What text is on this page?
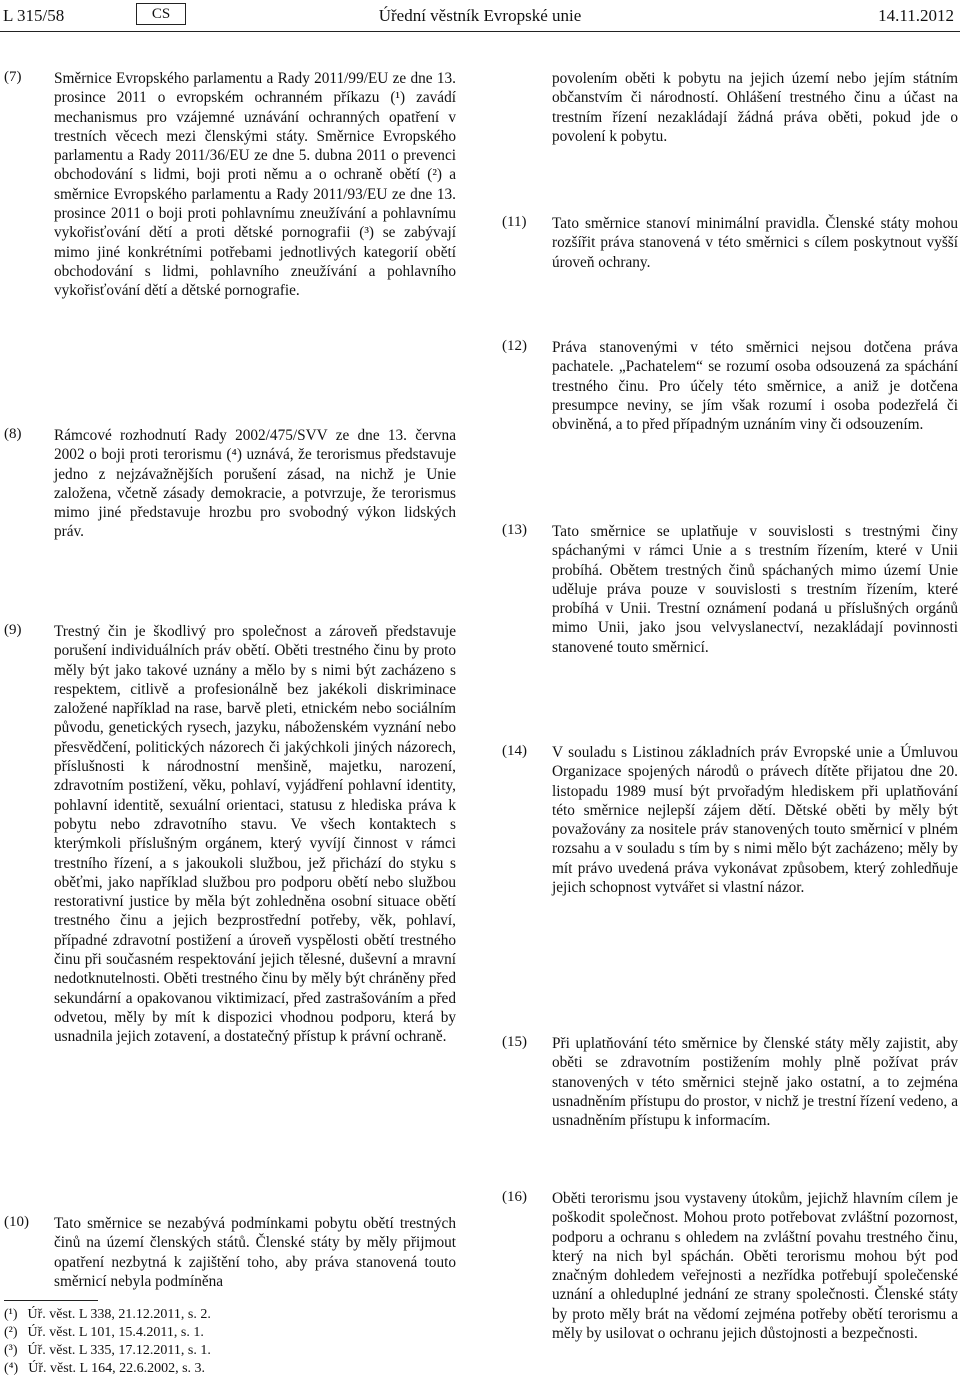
L 315/58	CS	Úřední věstník Evropské unie	14.11.2012
(7) Směrnice Evropského parlamentu a Rady 2011/99/EU ze dne 13. prosince 2011 o evropském ochranném příkazu (¹) zavádí mechanismus pro vzájemné uznávání ochranných opatření v trestních věcech mezi členskými státy. Směrnice Evropského parlamentu a Rady 2011/36/EU ze dne 5. dubna 2011 o prevenci obchodování s lidmi, boji proti němu a o ochraně obětí (²) a směrnice Evropského parlamentu a Rady 2011/93/EU ze dne 13. prosince 2011 o boji proti pohlavnímu zneužívání a pohlavnímu vykořisťování dětí a proti dětské pornografii (³) se zabývají mimo jiné konkrétními potřebami jednotlivých kategorií obětí obchodování s lidmi, pohlavního zneužívání a pohlavního vykořisťování dětí a dětské pornografie.
(8) Rámcové rozhodnutí Rady 2002/475/SVV ze dne 13. června 2002 o boji proti terorismu (⁴) uznává, že terorismus představuje jedno z nejzávažnějších porušení zásad, na nichž je Unie založena, včetně zásady demokracie, a potvrzuje, že terorismus mimo jiné představuje hrozbu pro svobodný výkon lidských práv.
(9) Trestný čin je škodlivý pro společnost a zároveň představuje porušení individuálních práv obětí. Oběti trestného činu by proto měly být jako takové uznány a mělo by s nimi být zacházeno s respektem, citlivě a profesionálně bez jakékoli diskriminace založené například na rase, barvě pleti, etnickém nebo sociálním původu, genetických rysech, jazyku, náboženském vyznání nebo přesvědčení, politických názorech či jakýchkoli jiných názorech, příslušnosti k národnostní menšině, majetku, narození, zdravotním postižení, věku, pohlaví, vyjádření pohlavní identity, pohlavní identitě, sexuální orientaci, statusu z hlediska práva k pobytu nebo zdravotního stavu. Ve všech kontaktech s kterýmkoli příslušným orgánem, který vyvíjí činnost v rámci trestního řízení, a s jakoukoli službou, jež přichází do styku s oběťmi, jako například službou pro podporu obětí nebo službou restorativní justice by měla být zohledněna osobní situace obětí trestného činu a jejich bezprostřední potřeby, věk, pohlaví, případné zdravotní postižení a úroveň vyspělosti obětí trestného činu při současném respektování jejich tělesné, duševní a mravní nedotknutelnosti. Oběti trestného činu by měly být chráněny před sekundární a opakovanou viktimizací, před zastrašováním a před odvetou, měly by mít k dispozici vhodnou podporu, která by usnadnila jejich zotavení, a dostatečný přístup k právní ochraně.
(10) Tato směrnice se nezabývá podmínkami pobytu obětí trestných činů na území členských států. Členské státy by měly přijmout opatření nezbytná k zajištění toho, aby práva stanovená touto směrnicí nebyla podmíněna
povolením oběti k pobytu na jejich území nebo jejím státním občanstvím či národností. Ohlášení trestného činu a účast na trestním řízení nezakládají žádná práva oběti, pokud jde o povolení k pobytu.
(11) Tato směrnice stanoví minimální pravidla. Členské státy mohou rozšířit práva stanovená v této směrnici s cílem poskytnout vyšší úroveň ochrany.
(12) Práva stanovenými v této směrnici nejsou dotčena práva pachatele. „Pachatelem“ se rozumí osoba odsouzená za spáchání trestného činu. Pro účely této směrnice, a aniž je dotčena presumpce neviny, se jím však rozumí i osoba podezřelá či obviněná, a to před případným uznáním viny či odsouzením.
(13) Tato směrnice se uplatňuje v souvislosti s trestnými činy spáchanými v rámci Unie a s trestním řízením, které v Unii probíhá. Obětem trestných činů spáchaných mimo území Unie uděluje práva pouze v souvislosti s trestním řízením, které probíhá v Unii. Trestní oznámení podaná u příslušných orgánů mimo Unii, jako jsou velvyslanectví, nezakládají povinnosti stanovené touto směrnicí.
(14) V souladu s Listinou základních práv Evropské unie a Úmluvou Organizace spojených národů o právech dítěte přijatou dne 20. listopadu 1989 musí být prvořadým hlediskem při uplatňování této směrnice nejlepší zájem dětí. Dětské oběti by měly být považovány za nositele práv stanovených touto směrnicí v plném rozsahu a v souladu s tím by s nimi mělo být zacházeno; měly by mít právo uvedená práva vykonávat způsobem, který zohledňuje jejich schopnost vytvářet si vlastní názor.
(15) Při uplatňování této směrnice by členské státy měly zajistit, aby oběti se zdravotním postižením mohly plně požívat práv stanovených v této směrnici stejně jako ostatní, a to zejména usnadněním přístupu do prostor, v nichž je trestní řízení vedeno, a usnadněním přístupu k informacím.
(16) Oběti terorismu jsou vystaveny útokům, jejichž hlavním cílem je poškodit společnost. Mohou proto potřebovat zvláštní pozornost, podporu a ochranu s ohledem na zvláštní povahu trestného činu, který na nich byl spáchán. Oběti terorismu mohou být pod značným dohledem veřejnosti a nezřídka potřebují společenské uznání a ohleduplné jednání ze strany společnosti. Členské státy by proto měly brát na vědomí zejména potřeby obětí terorismu a měly by usilovat o ochranu jejich důstojnosti a bezpečnosti.
(¹) Úř. věst. L 338, 21.12.2011, s. 2.
(²) Úř. věst. L 101, 15.4.2011, s. 1.
(³) Úř. věst. L 335, 17.12.2011, s. 1.
(⁴) Úř. věst. L 164, 22.6.2002, s. 3.
